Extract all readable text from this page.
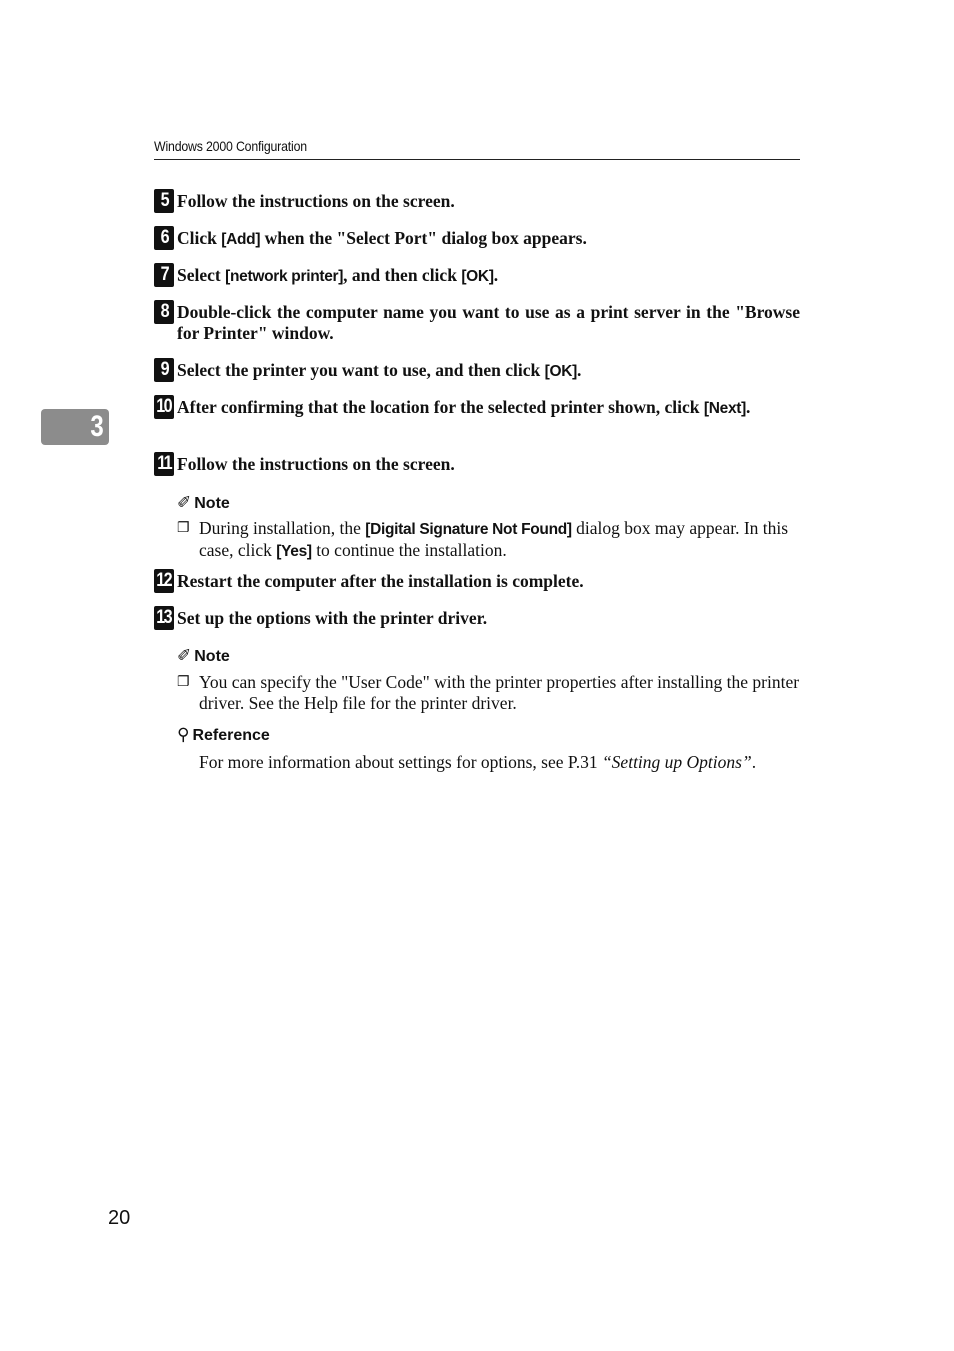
Windows 2000 Configuration
3
5 Follow the instructions on the screen.
6 Click [Add] when the "Select Port" dialog box appears.
7 Select [network printer], and then click [OK].
8 Double-click the computer name you want to use as a print server in the "Browse for Printer" window.
9 Select the printer you want to use, and then click [OK].
10 After confirming that the location for the selected printer shown, click [Next].
11 Follow the instructions on the screen.
✐ Note
❐ During installation, the [Digital Signature Not Found] dialog box may appear. In this case, click [Yes] to continue the installation.
12 Restart the computer after the installation is complete.
13 Set up the options with the printer driver.
✐ Note
❐ You can specify the "User Code" with the printer properties after installing the printer driver. See the Help file for the printer driver.
⚲ Reference
For more information about settings for options, see P.31 “Setting up Options”.
20
